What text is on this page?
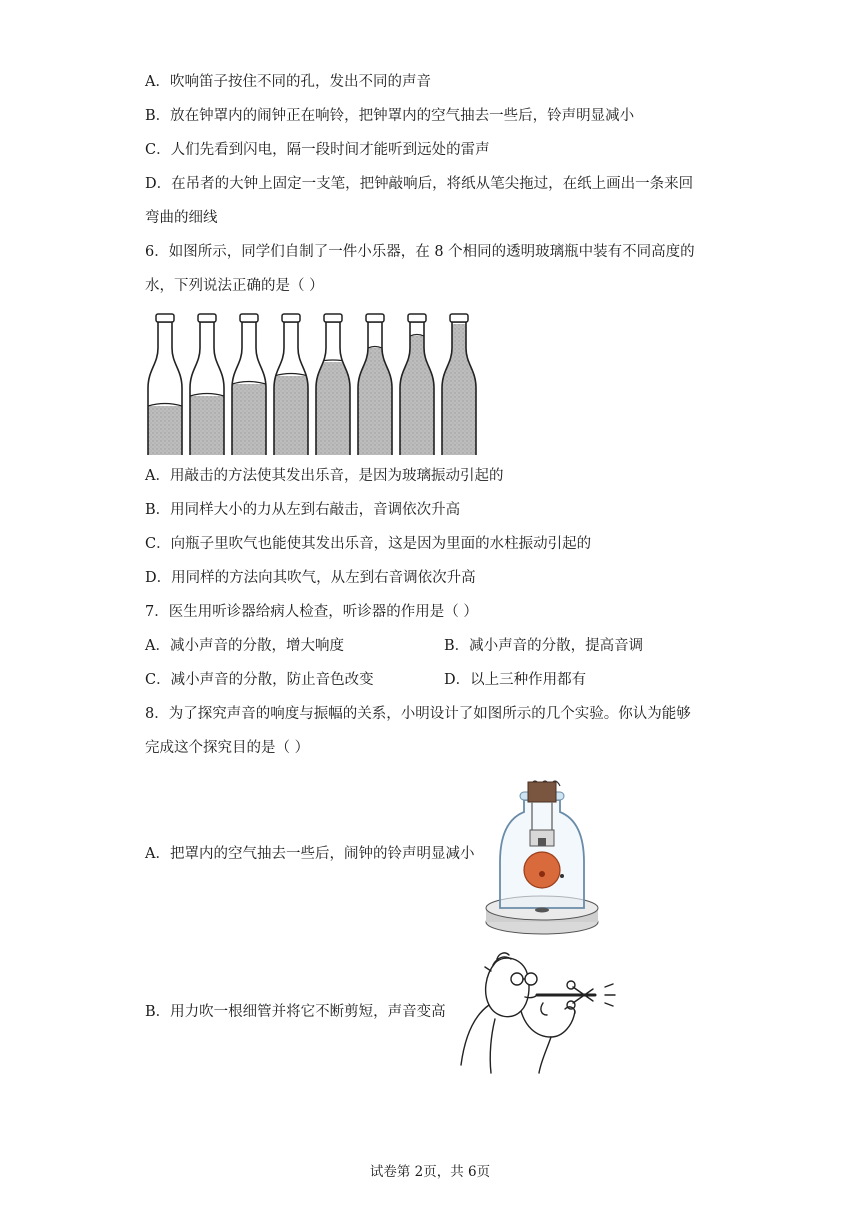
A．吹响笛子按住不同的孔，发出不同的声音
B．放在钟罩内的闹钟正在响铃，把钟罩内的空气抽去一些后，铃声明显减小
C．人们先看到闪电，隔一段时间才能听到远处的雷声
D．在吊者的大钟上固定一支笔，把钟敲响后，将纸从笔尖拖过，在纸上画出一条来回
弯曲的细线
6．如图所示，同学们自制了一件小乐器，在 8 个相同的透明玻璃瓶中装有不同高度的
水，下列说法正确的是（ ）
A．用敲击的方法使其发出乐音，是因为玻璃振动引起的
B．用同样大小的力从左到右敲击，音调依次升高
C．向瓶子里吹气也能使其发出乐音，这是因为里面的水柱振动引起的
D．用同样的方法向其吹气，从左到右音调依次升高
7．医生用听诊器给病人检查，听诊器的作用是（ ）
A．减小声音的分散，增大响度	B．减小声音的分散，提高音调
C．减小声音的分散，防止音色改变	D．以上三种作用都有
8．为了探究声音的响度与振幅的关系，小明设计了如图所示的几个实验。你认为能够
完成这个探究目的是（ ）
A．把罩内的空气抽去一些后，闹钟的铃声明显减小
B．用力吹一根细管并将它不断剪短，声音变高
试卷第 2页，共 6页
